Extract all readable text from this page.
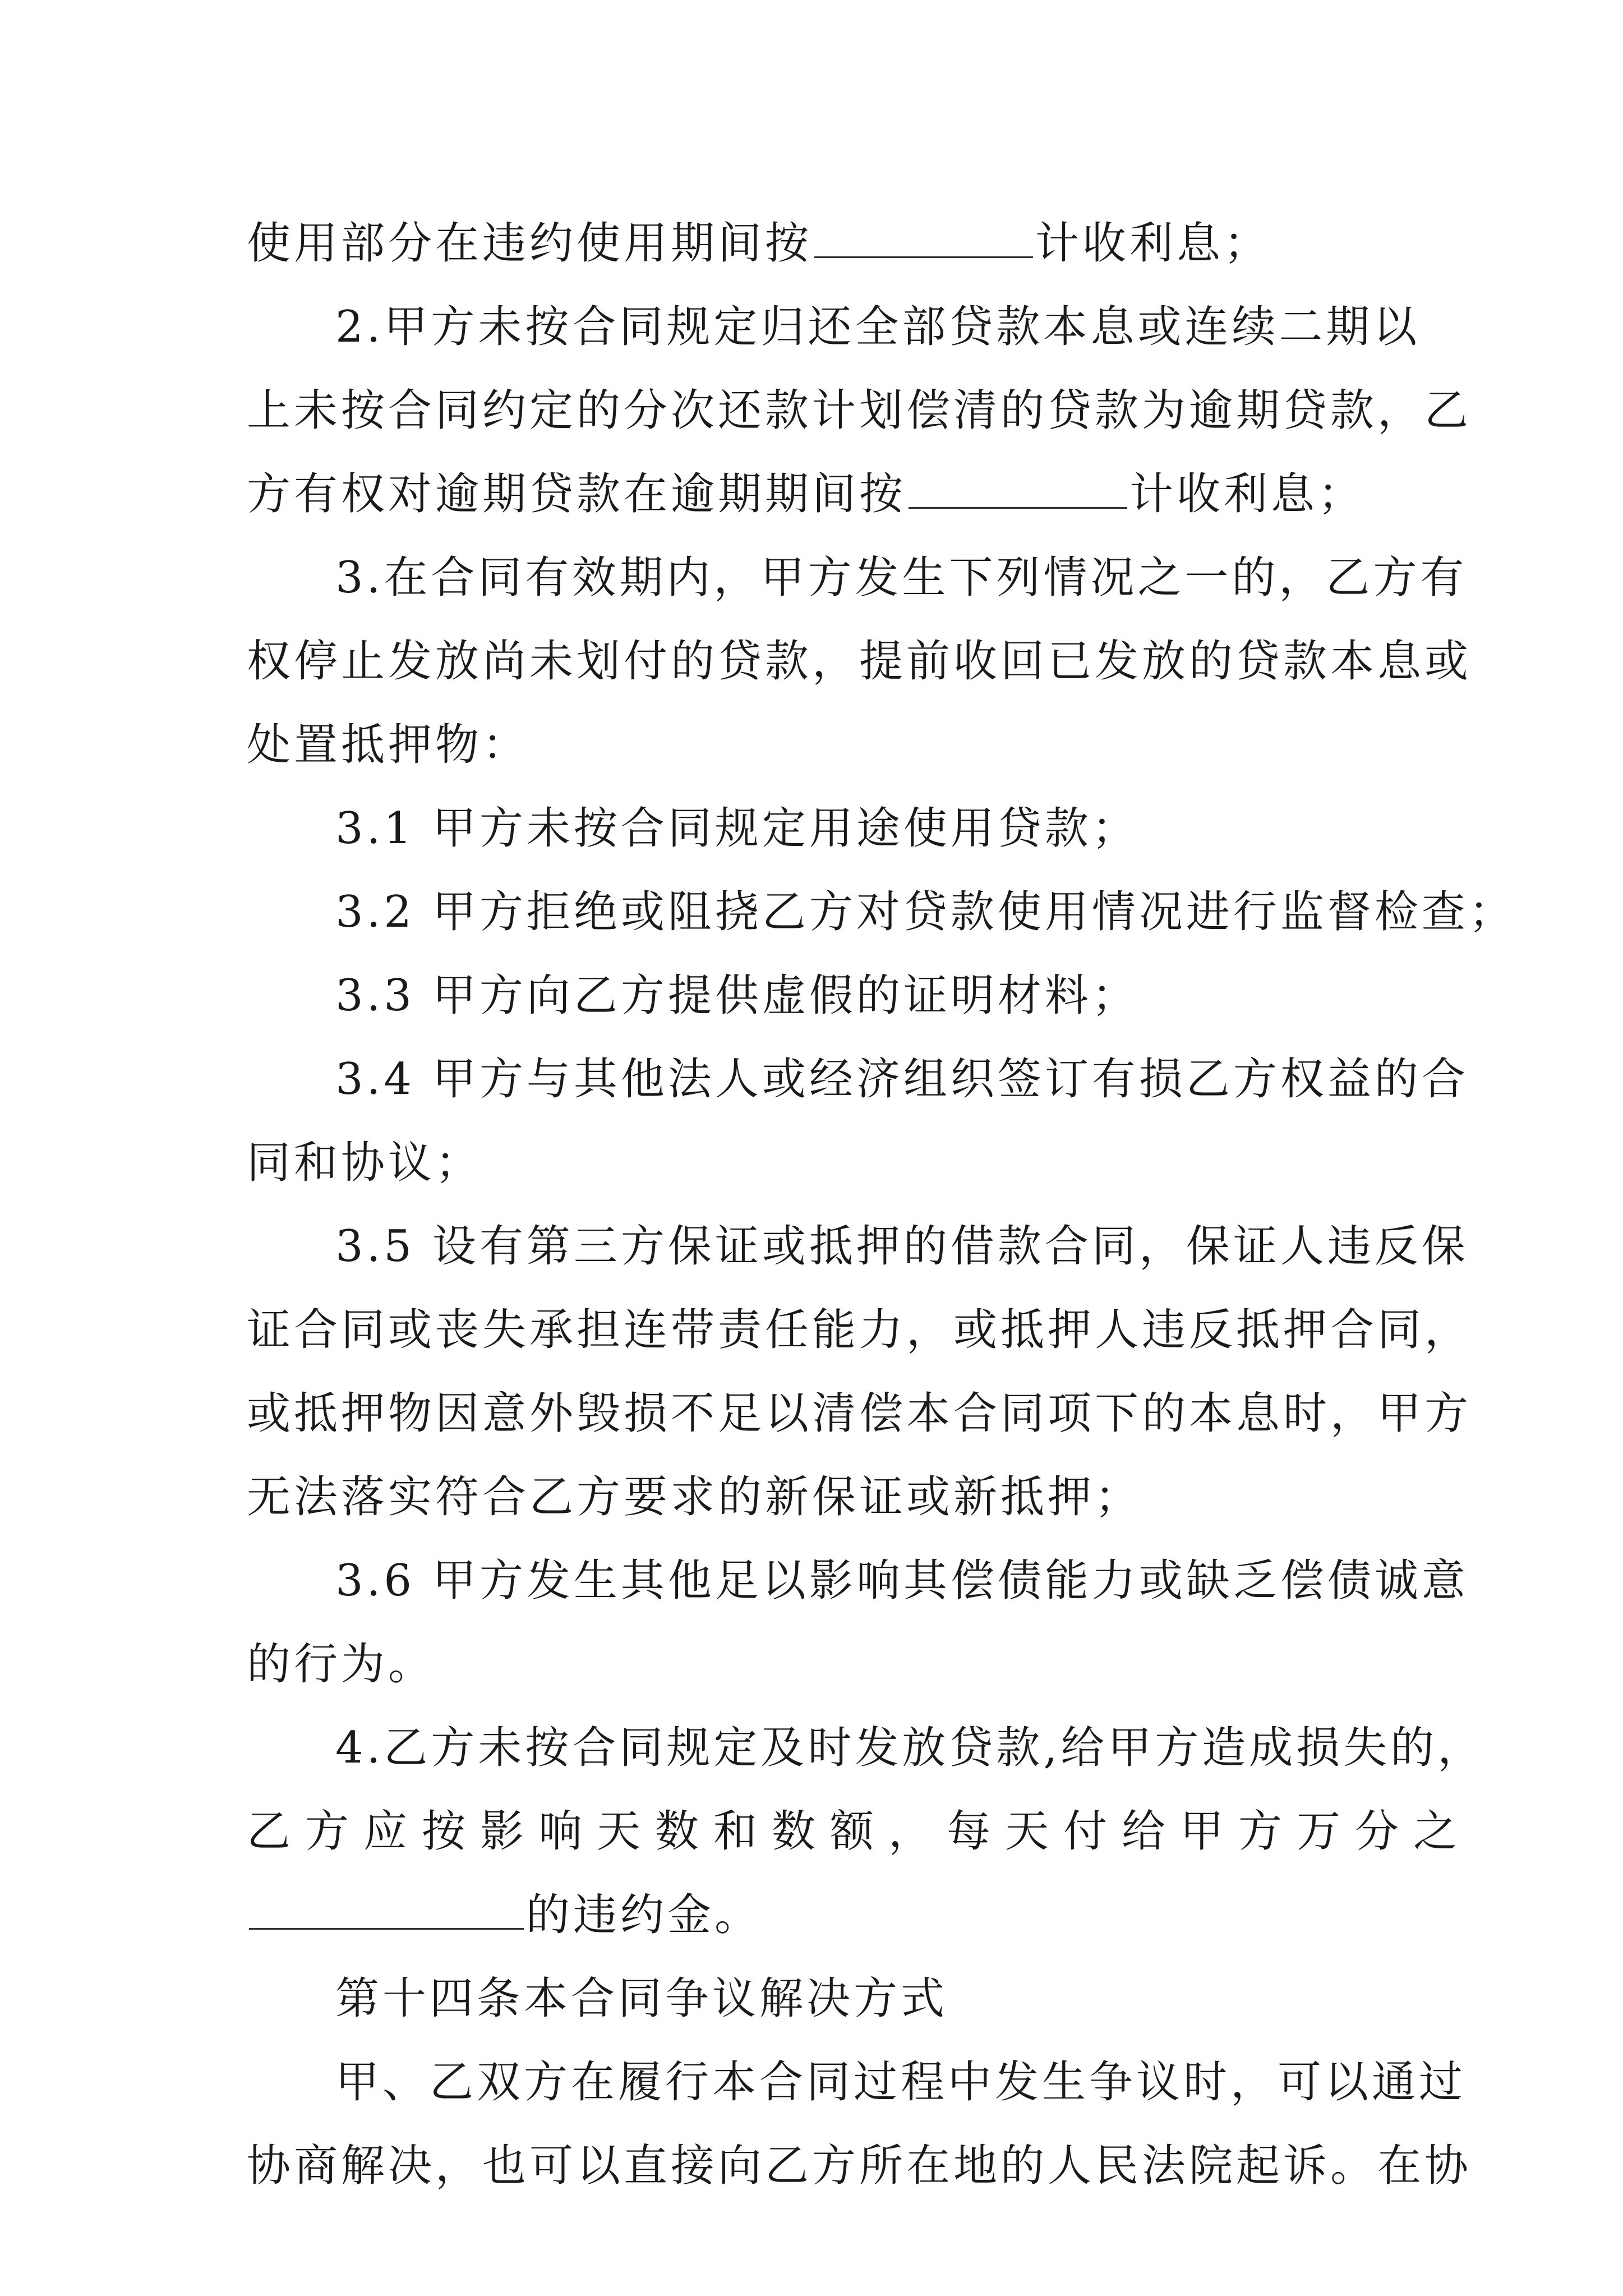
使用部分在违约使用期间按	计收利息；
2.甲方未按合同规定归还全部贷款本息或连续二期以
上未按合同约定的分次还款计划偿清的贷款为逾期贷款，乙
方有权对逾期贷款在逾期期间按	计收利息；
3.在合同有效期内，甲方发生下列情况之一的，乙方有
权停止发放尚未划付的贷款，提前收回已发放的贷款本息或
处置抵押物：
3.1 甲方未按合同规定用途使用贷款；
3.2 甲方拒绝或阻挠乙方对贷款使用情况进行监督检查；
3.3 甲方向乙方提供虚假的证明材料；
3.4 甲方与其他法人或经济组织签订有损乙方权益的合
同和协议；
3.5 设有第三方保证或抵押的借款合同，保证人违反保
证合同或丧失承担连带责任能力，或抵押人违反抵押合同，
或抵押物因意外毁损不足以清偿本合同项下的本息时，甲方
无法落实符合乙方要求的新保证或新抵押；
3.6 甲方发生其他足以影响其偿债能力或缺乏偿债诚意
的行为。
4.乙方未按合同规定及时发放贷款,给甲方造成损失的，
乙方应按影响天数和数额，每天付给甲方万分之
的违约金。
第十四条本合同争议解决方式
甲、乙双方在履行本合同过程中发生争议时，可以通过
协商解决，也可以直接向乙方所在地的人民法院起诉。在协
